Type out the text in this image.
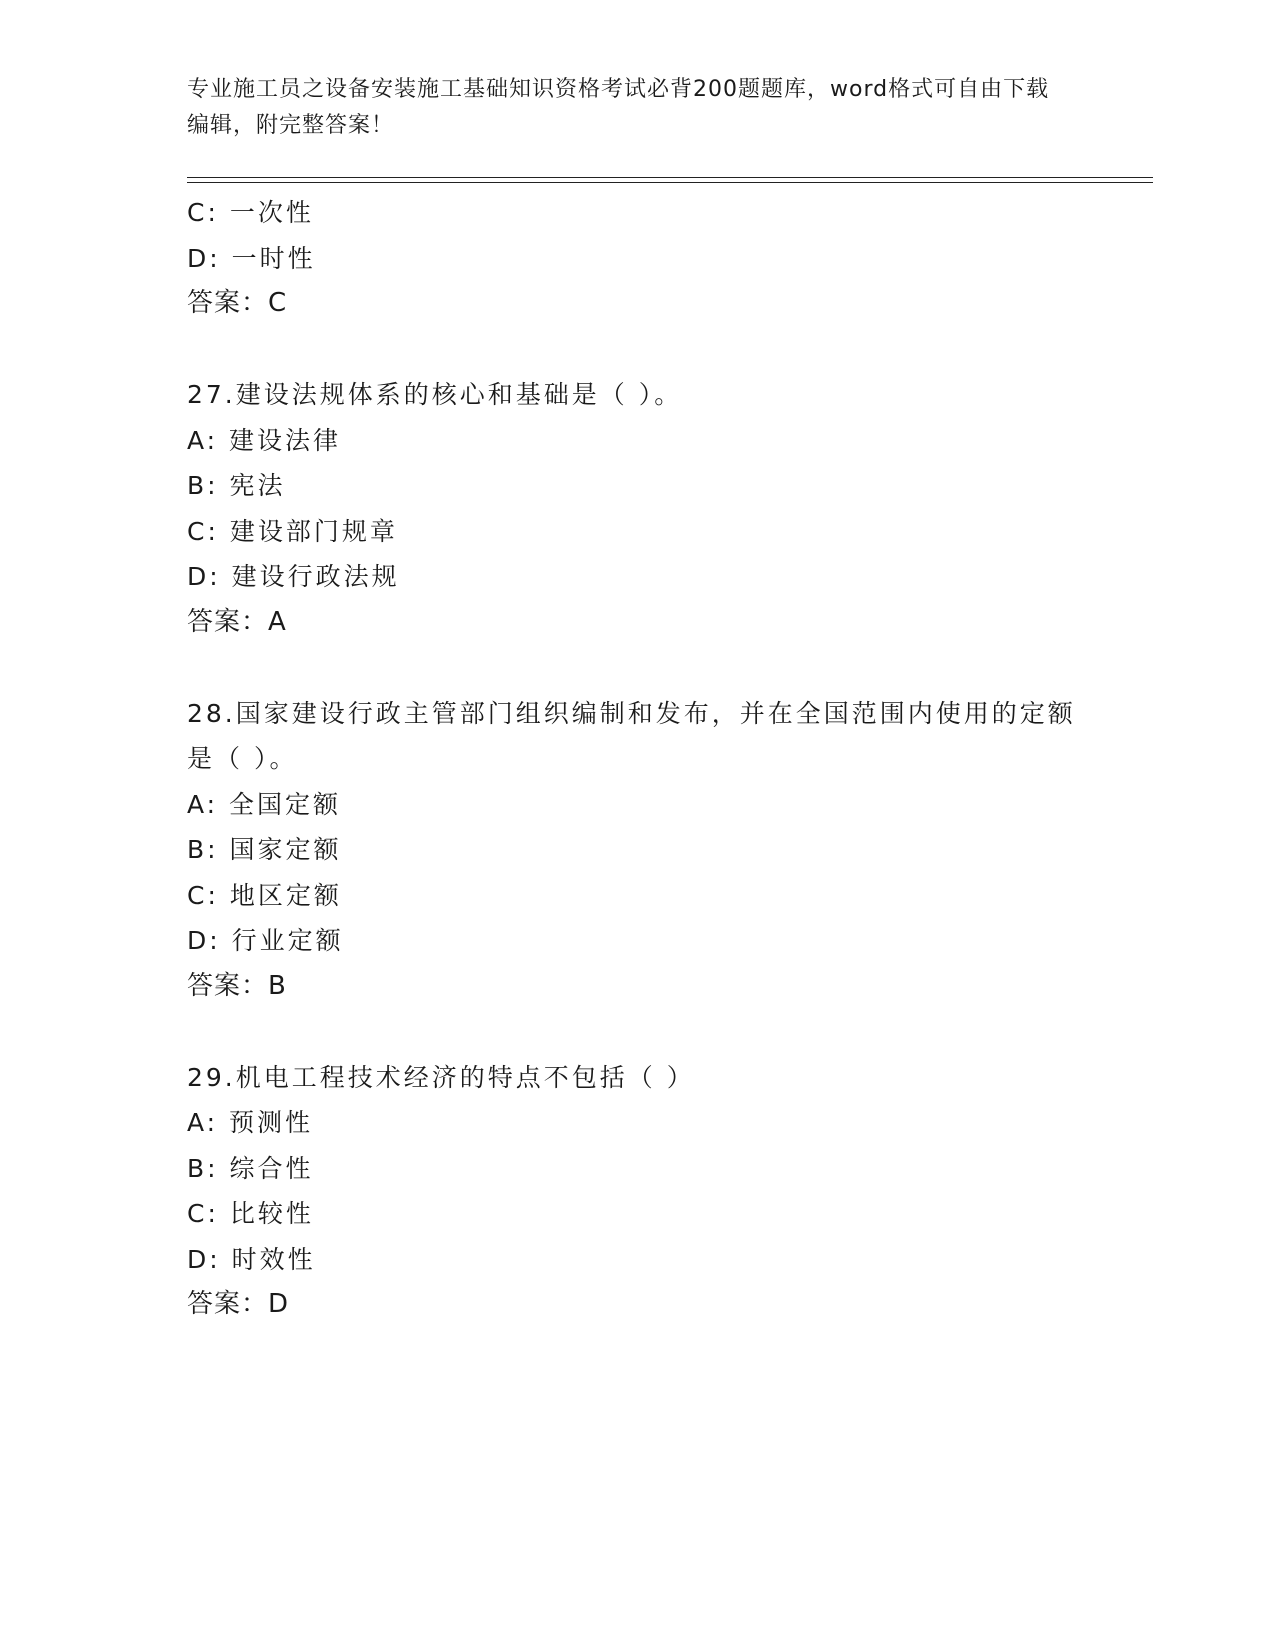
专业施工员之设备安装施工基础知识资格考试必背200题题库，word格式可自由下载编辑，附完整答案！
C: 一次性
D: 一时性
答案：C
27.建设法规体系的核心和基础是（ ）。
A: 建设法律
B: 宪法
C: 建设部门规章
D: 建设行政法规
答案：A
28.国家建设行政主管部门组织编制和发布，并在全国范围内使用的定额是（ ）。
A: 全国定额
B: 国家定额
C: 地区定额
D: 行业定额
答案：B
29.机电工程技术经济的特点不包括（ ）
A: 预测性
B: 综合性
C: 比较性
D: 时效性
答案：D
